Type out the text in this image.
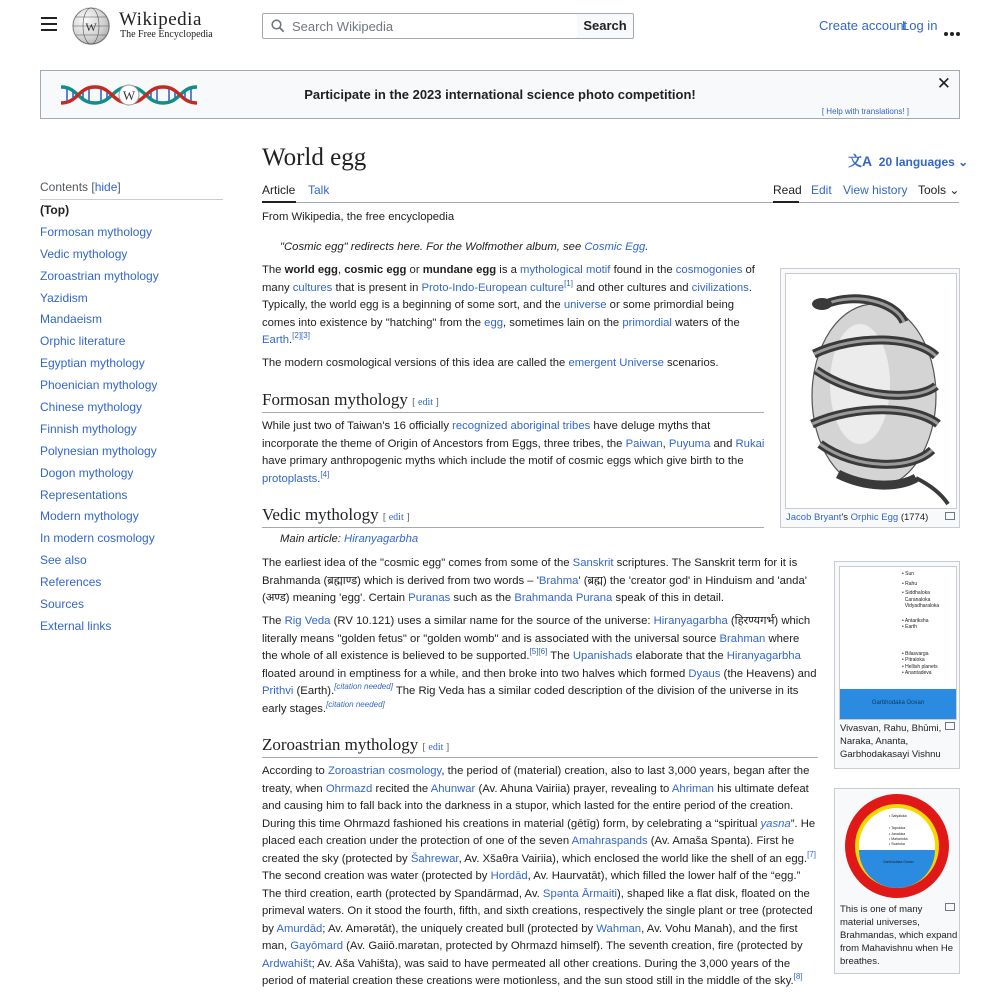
W Wikipedia
The Free Encyclopedia
Search Wikipedia	Search	Create account
Log in
W	Participate in the 2023 international science photo competition!
✕
[ Help with translations! ]
World egg	文A 20 languages ⌄
Article Talk	Read Edit View history Tools ⌄
Contents [hide]
(Top)
Formosan mythology
Vedic mythology
Zoroastrian mythology
Yazidism
Mandaeism
Orphic literature
Egyptian mythology
Phoenician mythology
Chinese mythology
Finnish mythology
Polynesian mythology
Dogon mythology
Representations
Modern mythology
In modern cosmology
See also
References
Sources
External links
From Wikipedia, the free encyclopedia
"Cosmic egg" redirects here. For the Wolfmother album, see Cosmic Egg.
The world egg, cosmic egg or mundane egg is a mythological motif found in the cosmogonies of many cultures that is present in Proto-Indo-European culture[1] and other cultures and civilizations. Typically, the world egg is a beginning of some sort, and the universe or some primordial being comes into existence by "hatching" from the egg, sometimes lain on the primordial waters of the Earth.[2][3]
The modern cosmological versions of this idea are called the emergent Universe scenarios.
Formosan mythology [ edit ]
While just two of Taiwan's 16 officially recognized aboriginal tribes have deluge myths that incorporate the theme of Origin of Ancestors from Eggs, three tribes, the Paiwan, Puyuma and Rukai have primary anthropogenic myths which include the motif of cosmic eggs which give birth to the protoplasts.[4]
Vedic mythology [ edit ]
Main article: Hiranyagarbha
The earliest idea of the "cosmic egg" comes from some of the Sanskrit scriptures. The Sanskrit term for it is Brahmanda (ब्रह्माण्ड) which is derived from two words – 'Brahma' (ब्रह्म) the 'creator god' in Hinduism and 'anda' (अण्ड) meaning 'egg'. Certain Puranas such as the Brahmanda Purana speak of this in detail.
The Rig Veda (RV 10.121) uses a similar name for the source of the universe: Hiranyagarbha (हिरण्यगर्भ) which literally means "golden fetus" or "golden womb" and is associated with the universal source Brahman where the whole of all existence is believed to be supported.[5][6] The Upanishads elaborate that the Hiranyagarbha floated around in emptiness for a while, and then broke into two halves which formed Dyaus (the Heavens) and Prithvi (Earth).[citation needed] The Rig Veda has a similar coded description of the division of the universe in its early stages.[citation needed]
Zoroastrian mythology [ edit ]
According to Zoroastrian cosmology, the period of (material) creation, also to last 3,000 years, began after the treaty, when Ohrmazd recited the Ahunwar (Av. Ahuna Vairiia) prayer, revealing to Ahriman his ultimate defeat and causing him to fall back into the darkness in a stupor, which lasted for the entire period of the creation. During this time Ohrmazd fashioned his creations in material (gētīg) form, by celebrating a “spiritual yasna”. He placed each creation under the protection of one of the seven Amahraspands (Av. Amaša Spənta). First he created the sky (protected by Šahrewar, Av. Xšaθra Vairiia), which enclosed the world like the shell of an egg.[7] The second creation was water (protected by Hordād, Av. Haurvatāt), which filled the lower half of the “egg.” The third creation, earth (protected by Spandārmad, Av. Spənta Ārmaiti), shaped like a flat disk, floated on the primeval waters. On it stood the fourth, fifth, and sixth creations, respectively the single plant or tree (protected by Amurdād; Av. Amərətāt), the uniquely created bull (protected by Wahman, Av. Vohu Manah), and the first man, Gayōmard (Av. Gaiiō.marətan, protected by Ohrmazd himself). The seventh creation, fire (protected by Ardwahišt; Av. Aša Vahišta), was said to have permeated all other creations. During the 3,000 years of the period of material creation these creations were motionless, and the sun stood still in the middle of the sky.[8]
Jacob Bryant's Orphic Egg (1774)
• Sun
• Rahu
• Siddhaloka
Caranaloka
Vidyadharaloka
• Antariksha
• Earth
• Bilasvarga
• Pitraloka
• Hellish planets
• Anantadeva
Garbhodaka Ocean
Vivasvan, Rahu, Bhūmi, Naraka, Ananta, Garbhodakasayi Vishnu
• Satyaloka
• Tapoloka
• Janaloka
• Maharloka
• Svarloka
Garbhodaka Ocean
This is one of many material universes, Brahmandas, which expand from Mahavishnu when He breathes.
